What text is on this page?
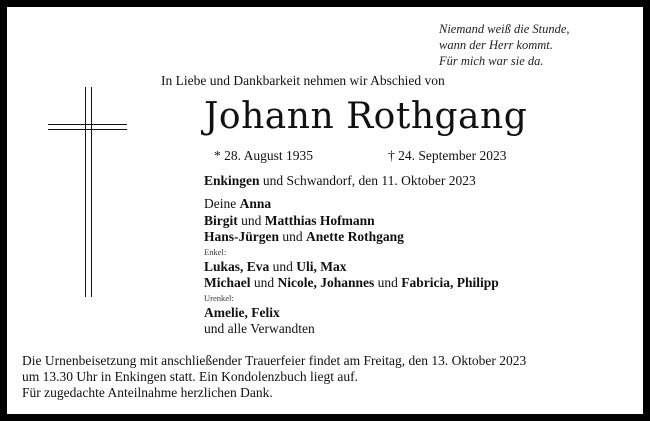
Niemand weiß die Stunde,
wann der Herr kommt.
Für mich war sie da.
In Liebe und Dankbarkeit nehmen wir Abschied von
Johann Rothgang
* 28. August 1935	† 24. September 2023
Enkingen und Schwandorf, den 11. Oktober 2023
Deine Anna
Birgit und Matthias Hofmann
Hans-Jürgen und Anette Rothgang
Enkel:
Lukas, Eva und Uli, Max
Michael und Nicole, Johannes und Fabricia, Philipp
Urenkel:
Amelie, Felix
und alle Verwandten
Die Urnenbeisetzung mit anschließender Trauerfeier findet am Freitag, den 13. Oktober 2023
um 13.30 Uhr in Enkingen statt. Ein Kondolenzbuch liegt auf.
Für zugedachte Anteilnahme herzlichen Dank.
